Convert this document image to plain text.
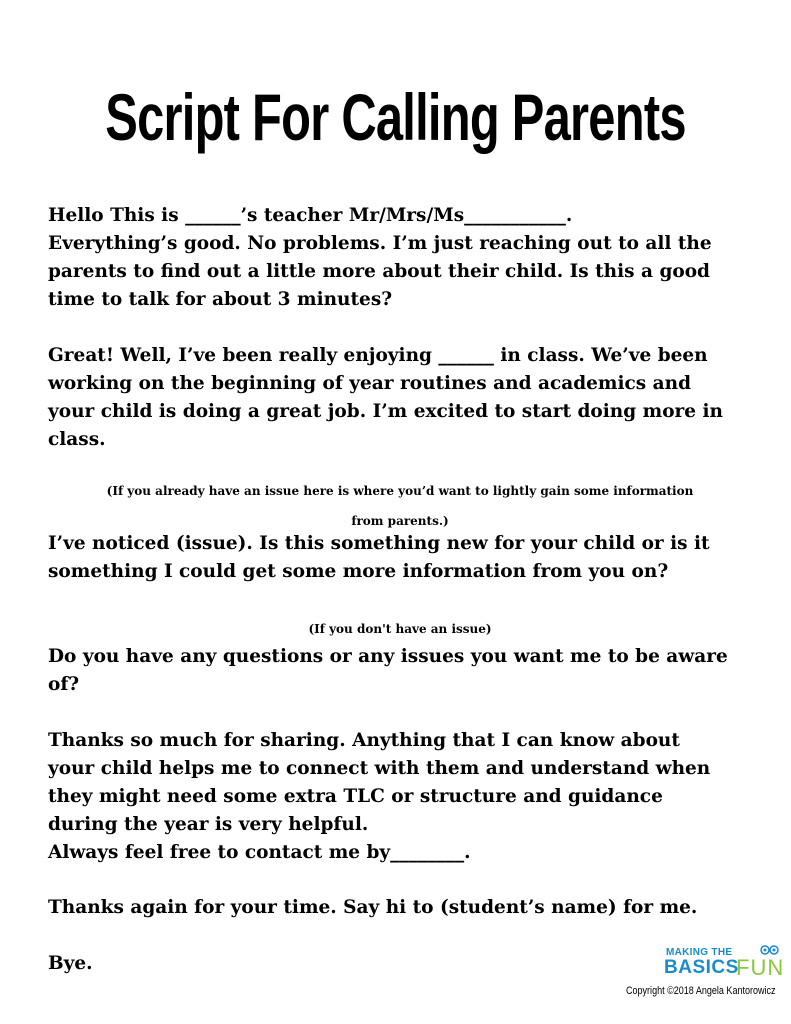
Script For Calling Parents
Hello This is ______’s teacher Mr/Mrs/Ms___________.
Everything’s good. No problems. I’m just reaching out to all the
parents to find out a little more about their child. Is this a good
time to talk for about 3 minutes?
Great! Well, I’ve been really enjoying ______ in class. We’ve been
working on the beginning of year routines and academics and
your child is doing a great job. I’m excited to start doing more in
class.
(If you already have an issue here is where you’d want to lightly gain some information
from parents.)
I’ve noticed (issue). Is this something new for your child or is it
something I could get some more information from you on?
(If you don't have an issue)
Do you have any questions or any issues you want me to be aware
of?
Thanks so much for sharing. Anything that I can know about
your child helps me to connect with them and understand when
they might need some extra TLC or structure and guidance
during the year is very helpful.
Always feel free to contact me by________.
Thanks again for your time. Say hi to (student’s name) for me.
Bye.
MAKING THE
BASICS
FUN
Copyright ©2018 Angela Kantorowicz
